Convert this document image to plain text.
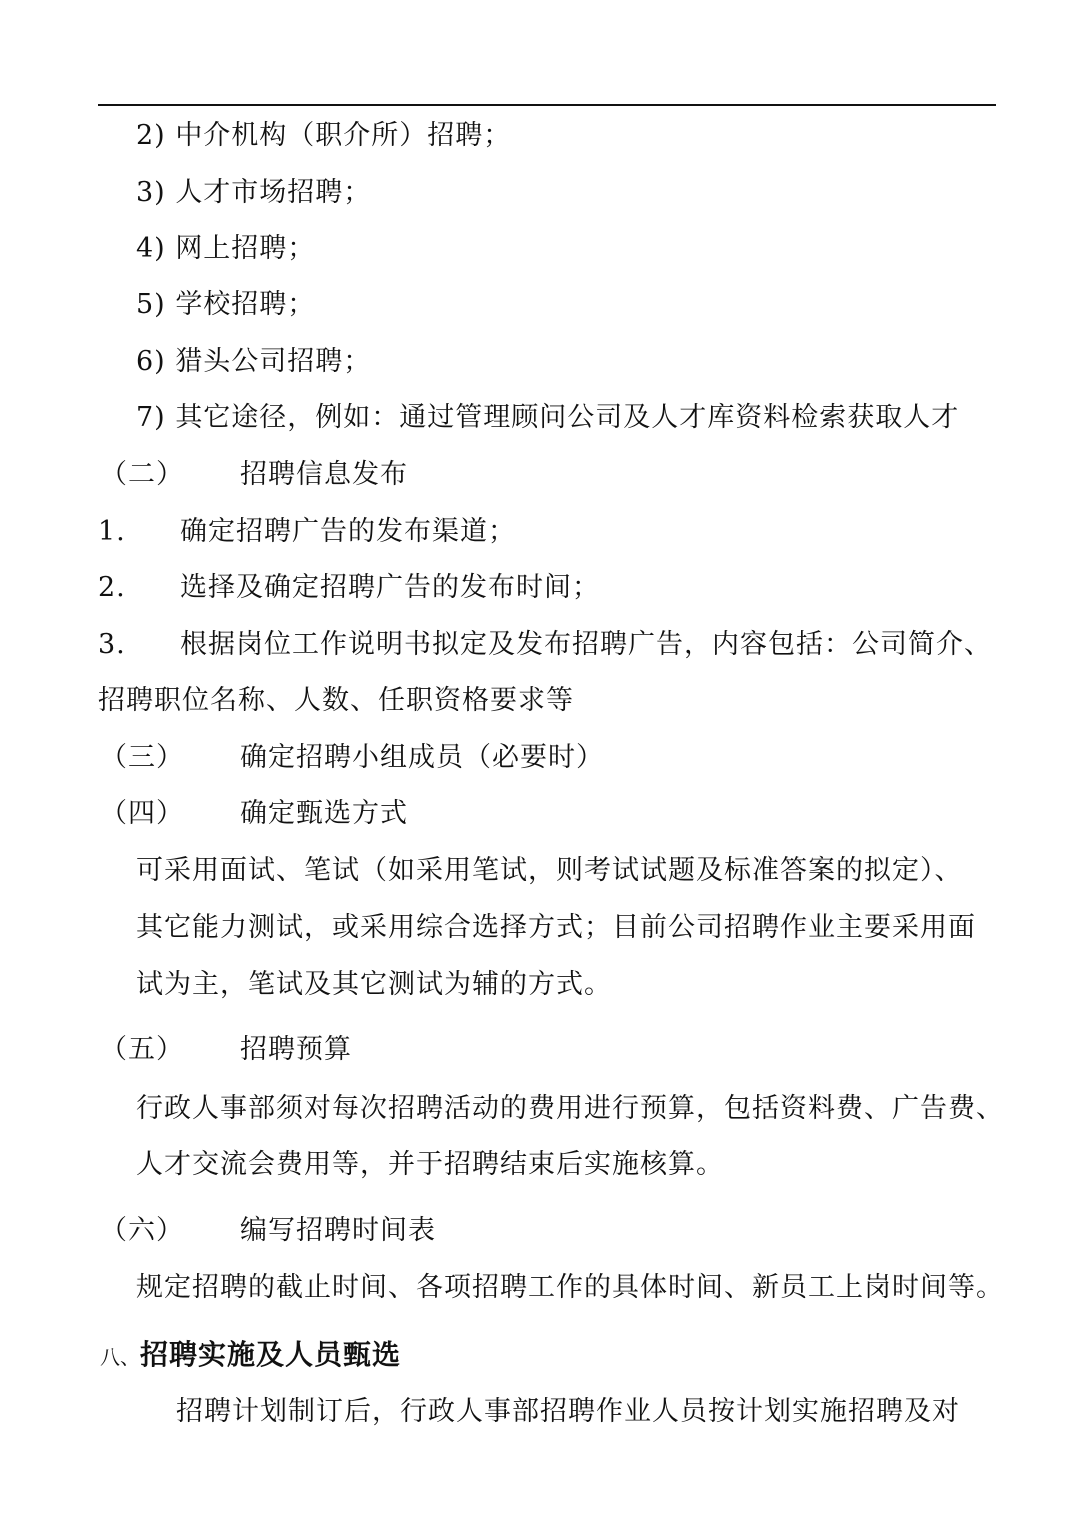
2) 中介机构（职介所）招聘；
3) 人才市场招聘；
4) 网上招聘；
5) 学校招聘；
6) 猎头公司招聘；
7) 其它途径，例如：通过管理顾问公司及人才库资料检索获取人才
（二） 招聘信息发布
1. 确定招聘广告的发布渠道；
2. 选择及确定招聘广告的发布时间；
3. 根据岗位工作说明书拟定及发布招聘广告，内容包括：公司简介、
招聘职位名称、人数、任职资格要求等
（三） 确定招聘小组成员（必要时）
（四） 确定甄选方式
可采用面试、笔试（如采用笔试，则考试试题及标准答案的拟定）、
其它能力测试，或采用综合选择方式；目前公司招聘作业主要采用面
试为主，笔试及其它测试为辅的方式。
（五） 招聘预算
行政人事部须对每次招聘活动的费用进行预算，包括资料费、广告费、
人才交流会费用等，并于招聘结束后实施核算。
（六） 编写招聘时间表
规定招聘的截止时间、各项招聘工作的具体时间、新员工上岗时间等。
八、招聘实施及人员甄选
招聘计划制订后，行政人事部招聘作业人员按计划实施招聘及对
